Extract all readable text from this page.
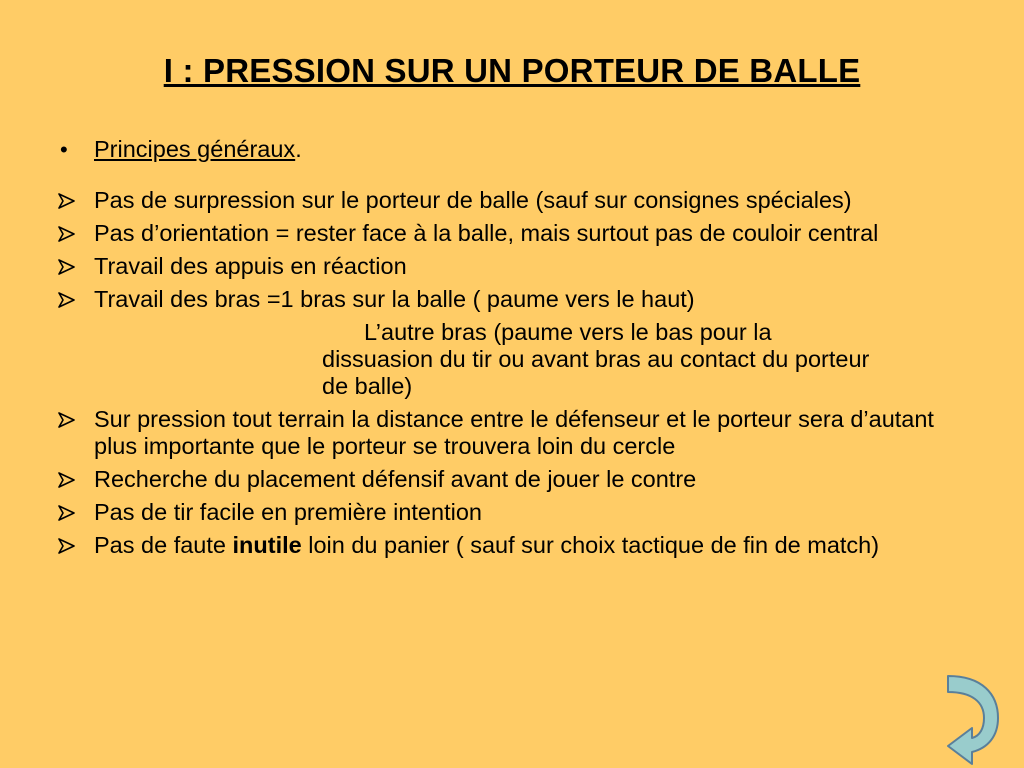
I : PRESSION SUR UN PORTEUR DE BALLE
•	Principes généraux.
Pas de surpression sur le porteur de balle (sauf sur consignes spéciales)
Pas d’orientation = rester face à la balle, mais surtout pas de couloir central
Travail des appuis en réaction
Travail des bras =1 bras sur la balle ( paume vers le haut)
L’autre bras (paume vers le bas pour la
dissuasion du tir ou avant bras au contact du porteur
de balle)
Sur pression tout terrain la distance entre le défenseur et le porteur sera d’autant plus importante que le porteur se trouvera loin du cercle
Recherche du placement défensif avant de jouer le contre
Pas de tir facile en première intention
Pas de faute inutile loin du panier ( sauf sur choix tactique de fin de match)
